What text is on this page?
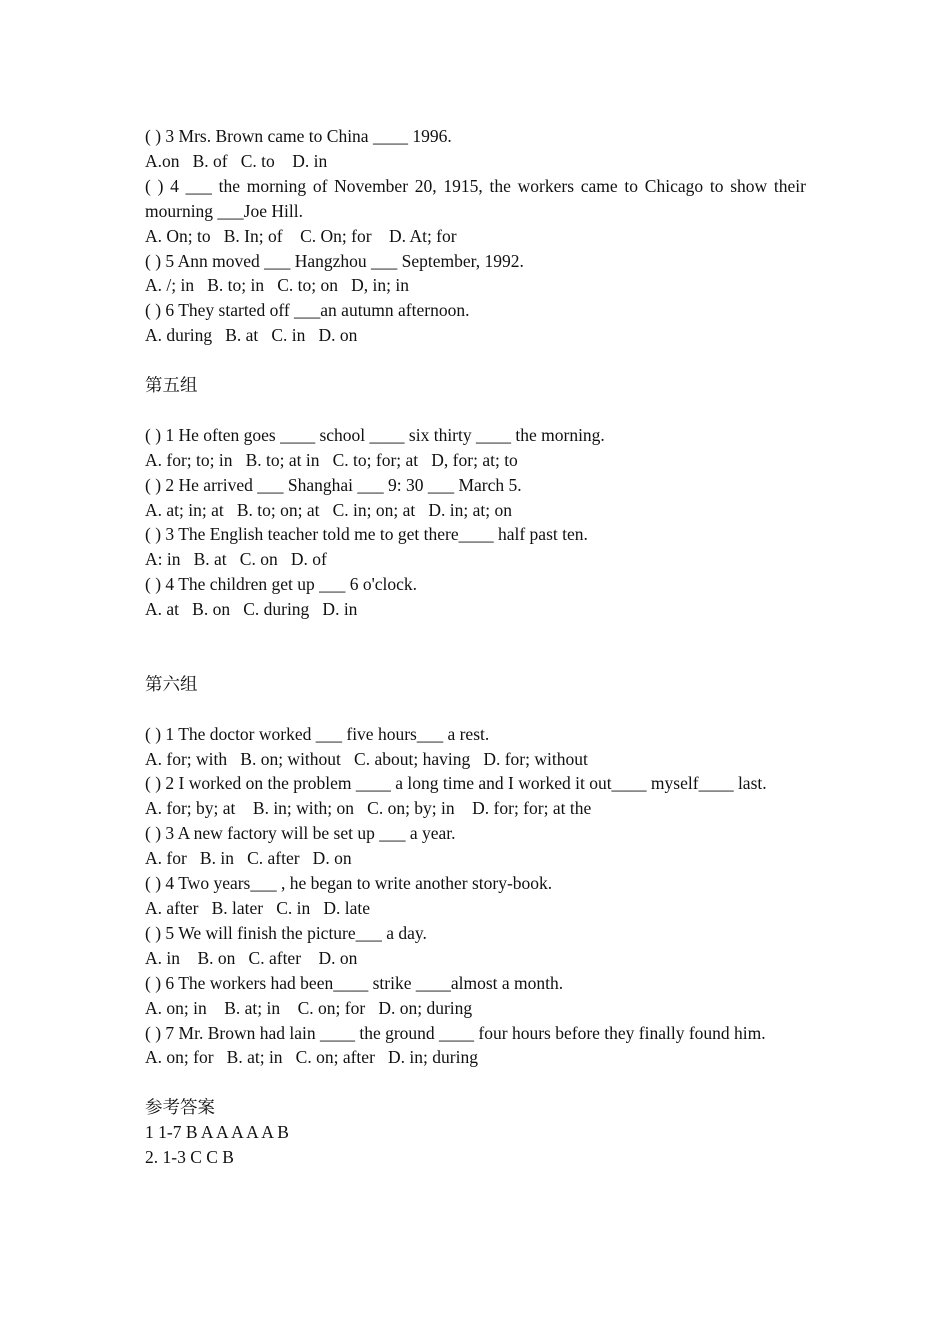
( ) 3 Mrs. Brown came to China ____ 1996.
A.on   B. of   C. to    D. in
( ) 4 ___ the morning of November 20, 1915, the workers came to Chicago to show their mourning ___Joe Hill.
A. On; to   B. In; of    C. On; for    D. At; for
( ) 5 Ann moved ___ Hangzhou ___ September, 1992.
A. /; in   B. to; in   C. to; on   D, in; in
( ) 6 They started off ___an autumn afternoon.
A. during   B. at   C. in   D. on
第五组
( ) 1 He often goes ____ school ____ six thirty ____ the morning.
A. for; to; in   B. to; at in   C. to; for; at   D, for; at; to
( ) 2 He arrived ___ Shanghai ___ 9: 30 ___ March 5.
A. at; in; at   B. to; on; at   C. in; on; at   D. in; at; on
( ) 3 The English teacher told me to get there____ half past ten.
A: in   B. at   C. on   D. of
( ) 4 The children get up ___ 6 o'clock.
A. at   B. on   C. during   D. in
第六组
( ) 1 The doctor worked ___ five hours___ a rest.
A. for; with   B. on; without   C. about; having   D. for; without
( ) 2 I worked on the problem ____ a long time and I worked it out____ myself____ last.
A. for; by; at    B. in; with; on   C. on; by; in    D. for; for; at the
( ) 3 A new factory will be set up ___ a year.
A. for   B. in   C. after   D. on
( ) 4 Two years___ , he began to write another story-book.
A. after   B. later   C. in   D. late
( ) 5 We will finish the picture___ a day.
A. in    B. on   C. after    D. on
( ) 6 The workers had been____ strike ____almost a month.
A. on; in    B. at; in    C. on; for   D. on; during
( ) 7 Mr. Brown had lain ____ the ground ____ four hours before they finally found him.
A. on; for   B. at; in   C. on; after   D. in; during
参考答案
1 1-7 B A A A A A B
2. 1-3 C C B
